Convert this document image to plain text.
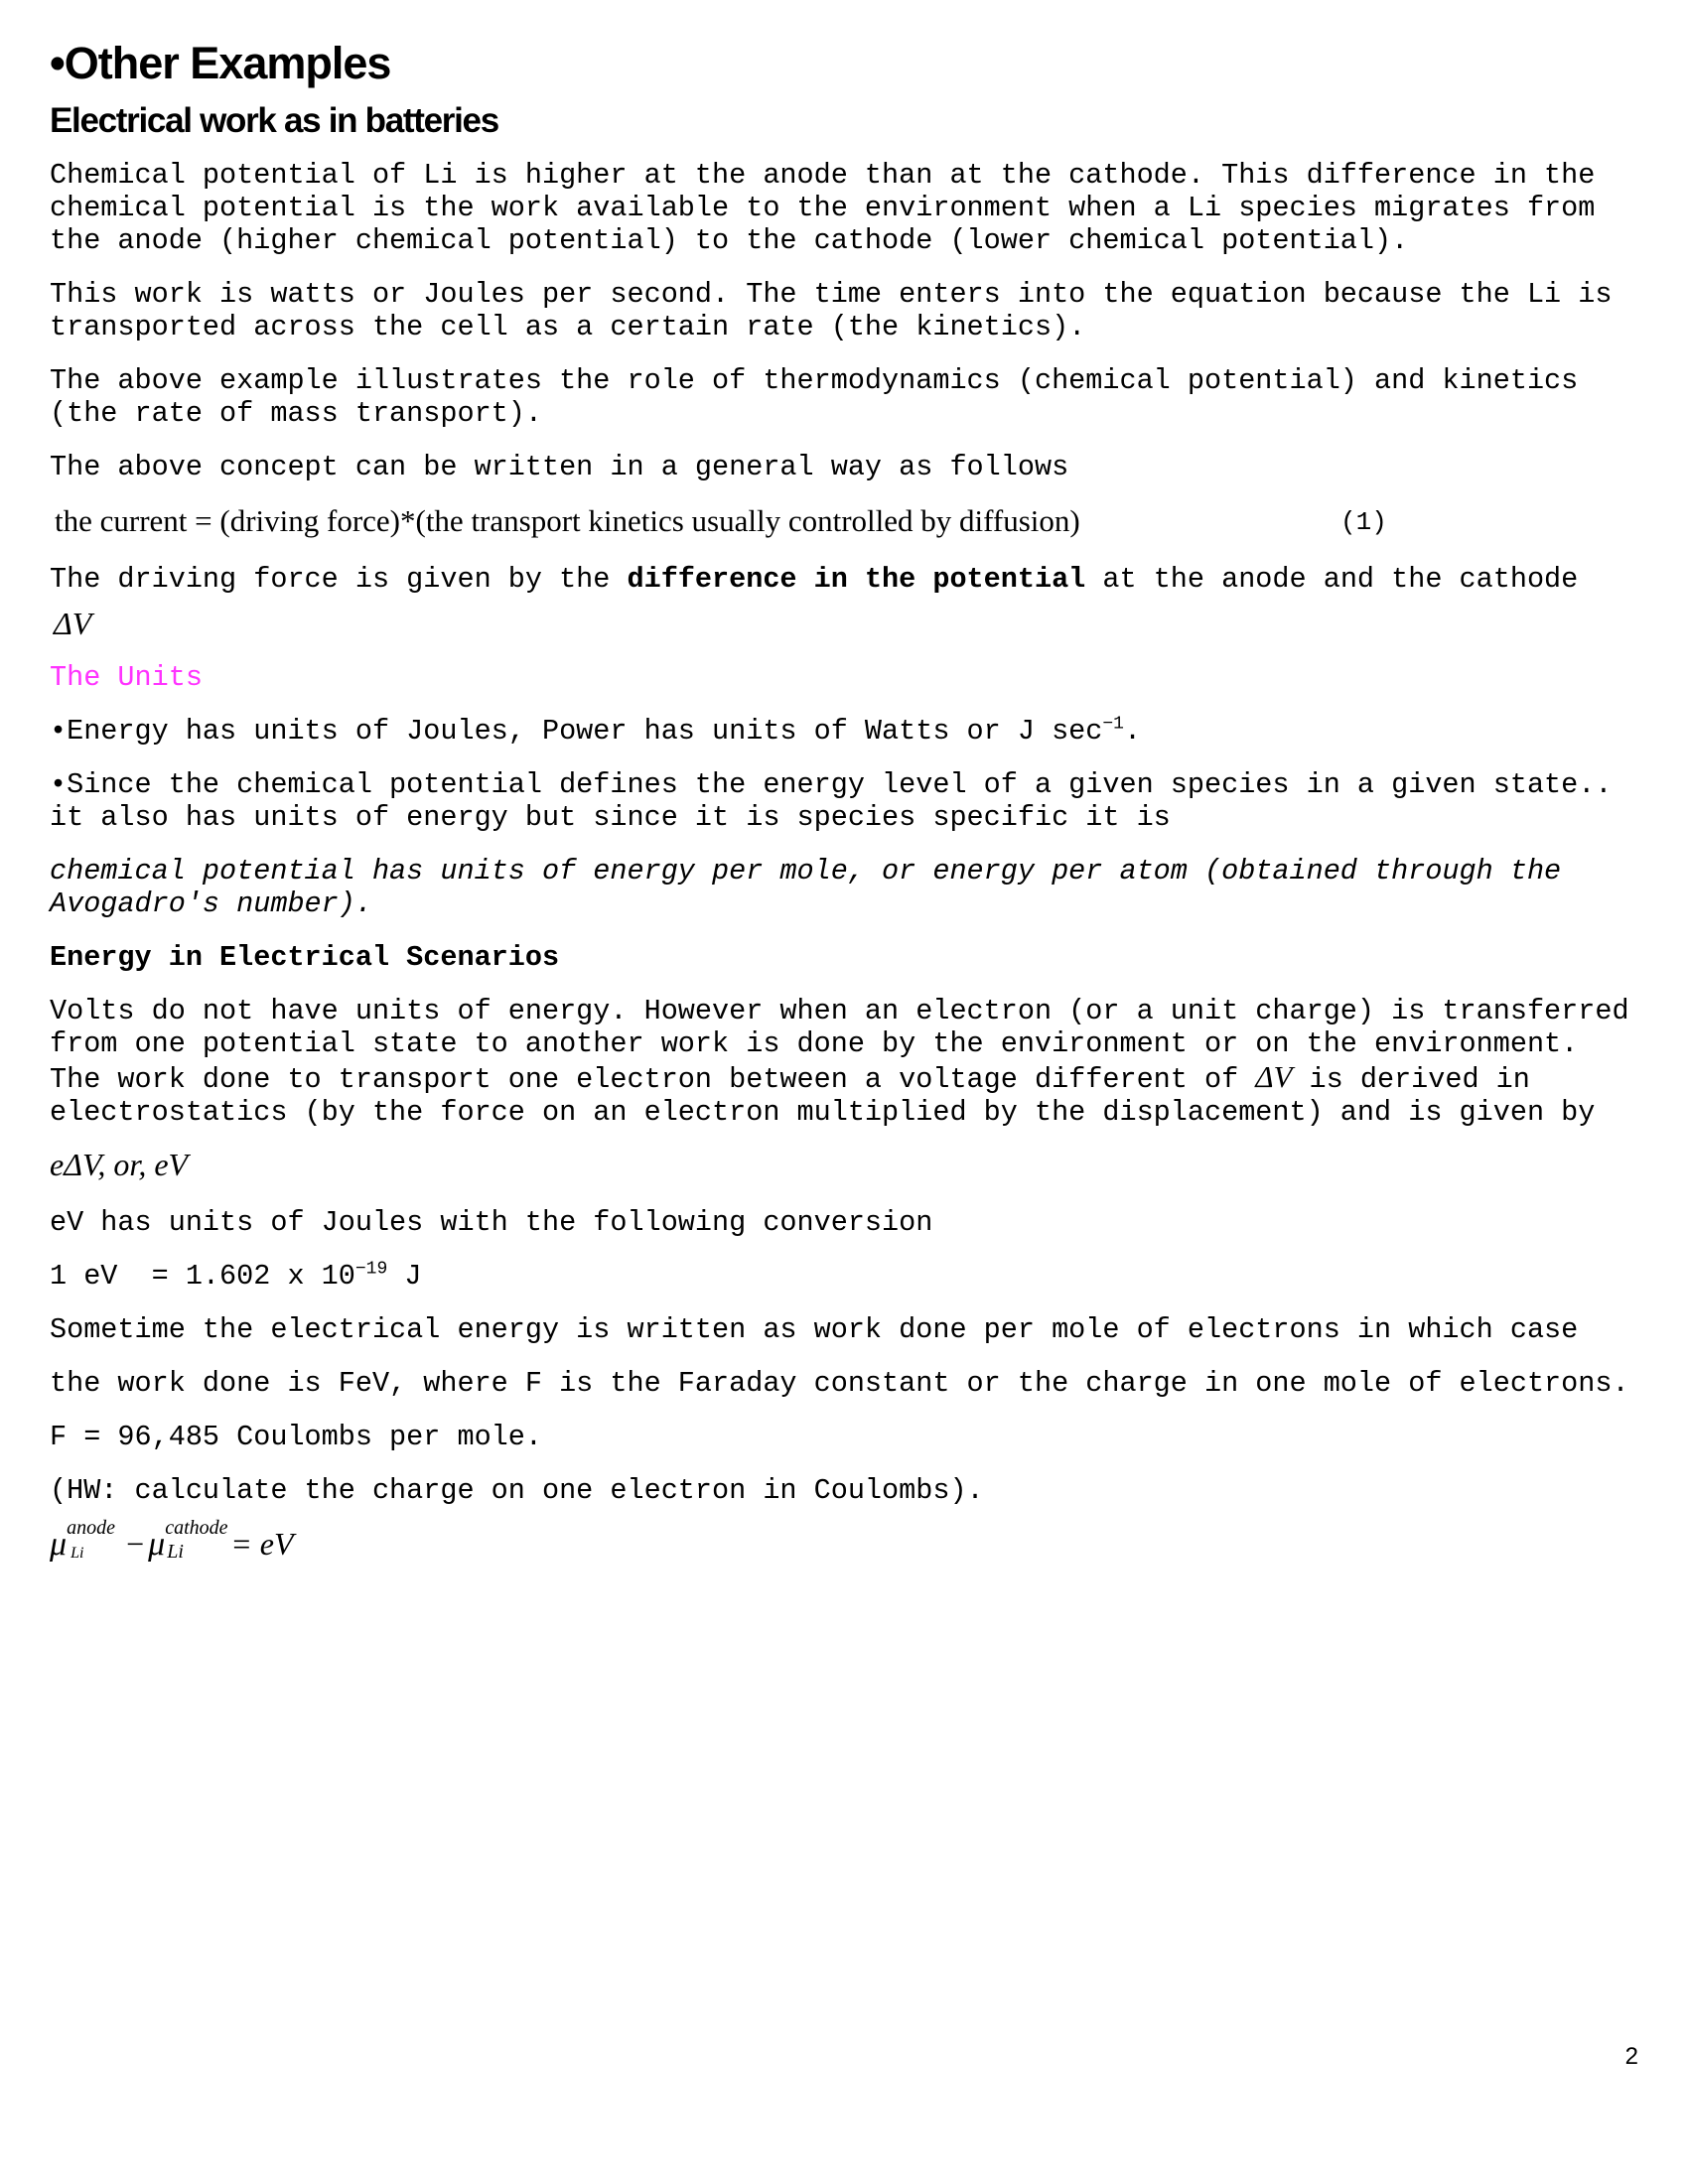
•Other Examples
Electrical work as in batteries

Chemical potential of Li is higher at the anode than at the cathode. This difference in the chemical potential is the work available to the environment when a Li species migrates from the anode (higher chemical potential) to the cathode (lower chemical potential).

This work is watts or Joules per second. The time enters into the equation because the Li is transported across the cell as a certain rate (the kinetics).

The above example illustrates the role of thermodynamics (chemical potential) and kinetics (the rate of mass transport).

The above concept can be written in a general way as follows

the current = (driving force)*(the transport kinetics usually controlled by diffusion)	(1)

The driving force is given by the difference in the potential at the anode and the cathode

ΔV

The Units

•Energy has units of Joules, Power has units of Watts or J $\sec^{-1}$.

•Since the chemical potential defines the energy level of a given species in a given state.. it also has units of energy but since it is species specific it is

chemical potential has units of energy per mole, or energy per atom (obtained through the Avogadro's number).

Energy in Electrical Scenarios

Volts do not have units of energy. However when an electron (or a unit charge) is transferred from one potential state to another work is done by the environment or on the environment. The work done to transport one electron between a voltage different of ΔV is derived in electrostatics (by the force on an electron multiplied by the displacement) and is given by

eΔV, or, eV

eV has units of Joules with the following conversion

1 eV  = 1.602 x $10^{-19}$ J

Sometime the electrical energy is written as work done per mole of electrons in which case

the work done is FeV, where F is the Faraday constant or the charge in one mole of electrons.

F = 96,485 Coulombs per mole.

(HW: calculate the charge on one electron in Coulombs).

μ anode
Li − μ cathode
Li = eV
2
